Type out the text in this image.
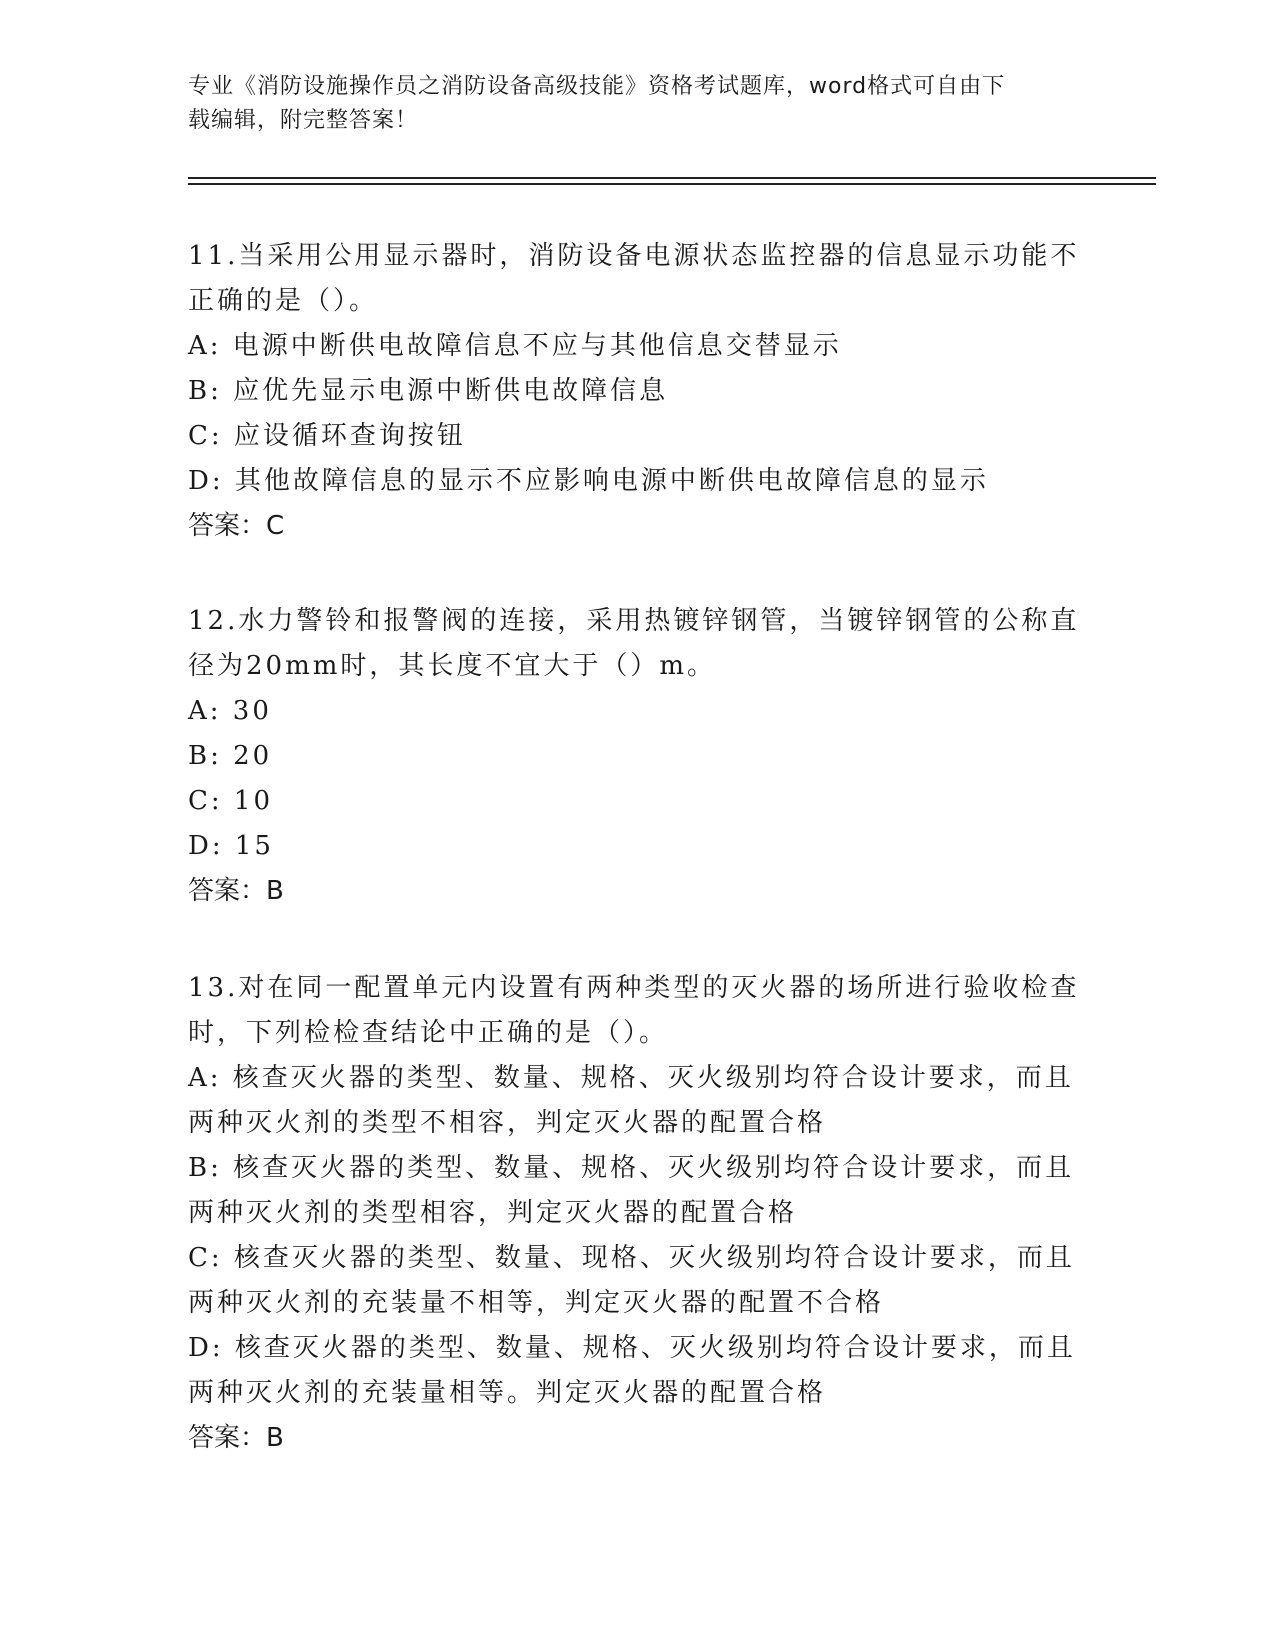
专业《消防设施操作员之消防设备高级技能》资格考试题库，word格式可自由下
载编辑，附完整答案！

11.当采用公用显示器时，消防设备电源状态监控器的信息显示功能不

正确的是（）。

A: 电源中断供电故障信息不应与其他信息交替显示

B: 应优先显示电源中断供电故障信息

C: 应设循环查询按钮

D: 其他故障信息的显示不应影响电源中断供电故障信息的显示

答案：C

12.水力警铃和报警阀的连接，采用热镀锌钢管，当镀锌钢管的公称直

径为20mm时，其长度不宜大于（）m。

A: 30

B: 20

C: 10

D: 15

答案：B

13.对在同一配置单元内设置有两种类型的灭火器的场所进行验收检查

时，下列检检查结论中正确的是（）。

A: 核查灭火器的类型、数量、规格、灭火级别均符合设计要求，而且

两种灭火剂的类型不相容，判定灭火器的配置合格

B: 核查灭火器的类型、数量、规格、灭火级别均符合设计要求，而且

两种灭火剂的类型相容，判定灭火器的配置合格

C: 核查灭火器的类型、数量、现格、灭火级别均符合设计要求，而且

两种灭火剂的充装量不相等，判定灭火器的配置不合格

D: 核查灭火器的类型、数量、规格、灭火级别均符合设计要求，而且

两种灭火剂的充装量相等。判定灭火器的配置合格

答案：B
